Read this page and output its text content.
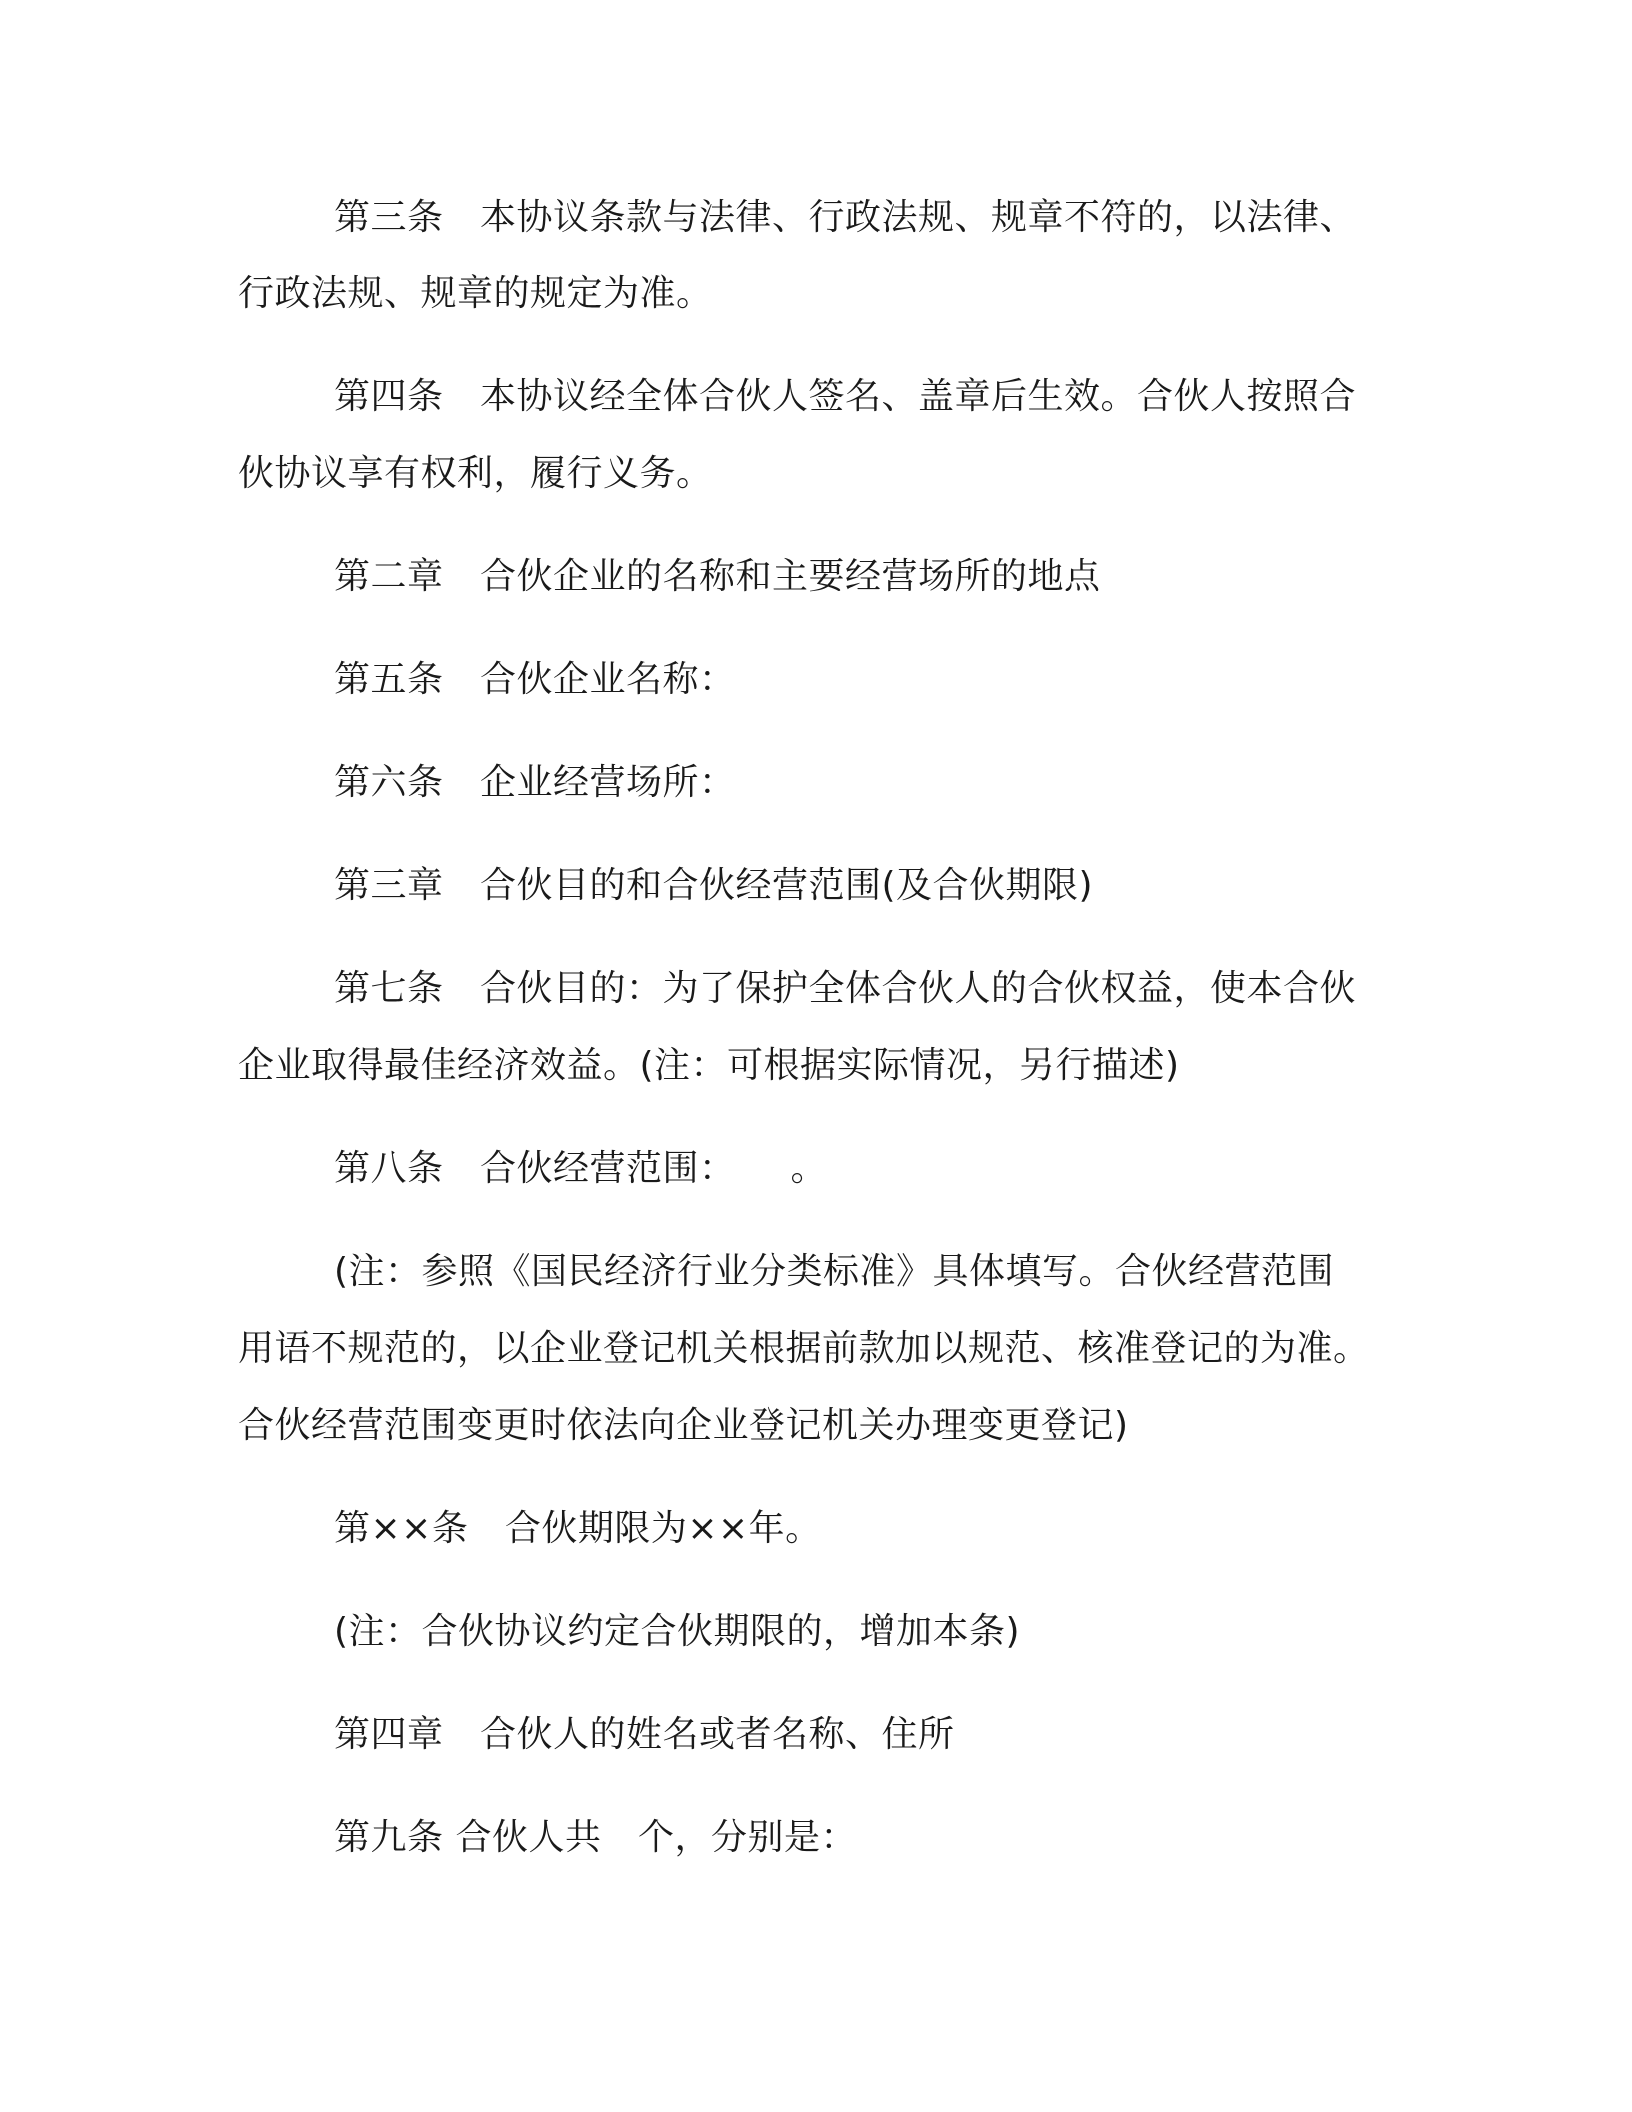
第三条　本协议条款与法律、行政法规、规章不符的，以法律、
行政法规、规章的规定为准。
第四条　本协议经全体合伙人签名、盖章后生效。合伙人按照合
伙协议享有权利，履行义务。
第二章　合伙企业的名称和主要经营场所的地点
第五条　合伙企业名称：
第六条　企业经营场所：
第三章　合伙目的和合伙经营范围(及合伙期限)
第七条　合伙目的：为了保护全体合伙人的合伙权益，使本合伙
企业取得最佳经济效益。(注：可根据实际情况，另行描述)
第八条　合伙经营范围：　　。
(注：参照《国民经济行业分类标准》具体填写。合伙经营范围
用语不规范的，以企业登记机关根据前款加以规范、核准登记的为准。
合伙经营范围变更时依法向企业登记机关办理变更登记)
第××条　合伙期限为××年。
(注：合伙协议约定合伙期限的，增加本条)
第四章　合伙人的姓名或者名称、住所
第九条 合伙人共　个，分别是：
